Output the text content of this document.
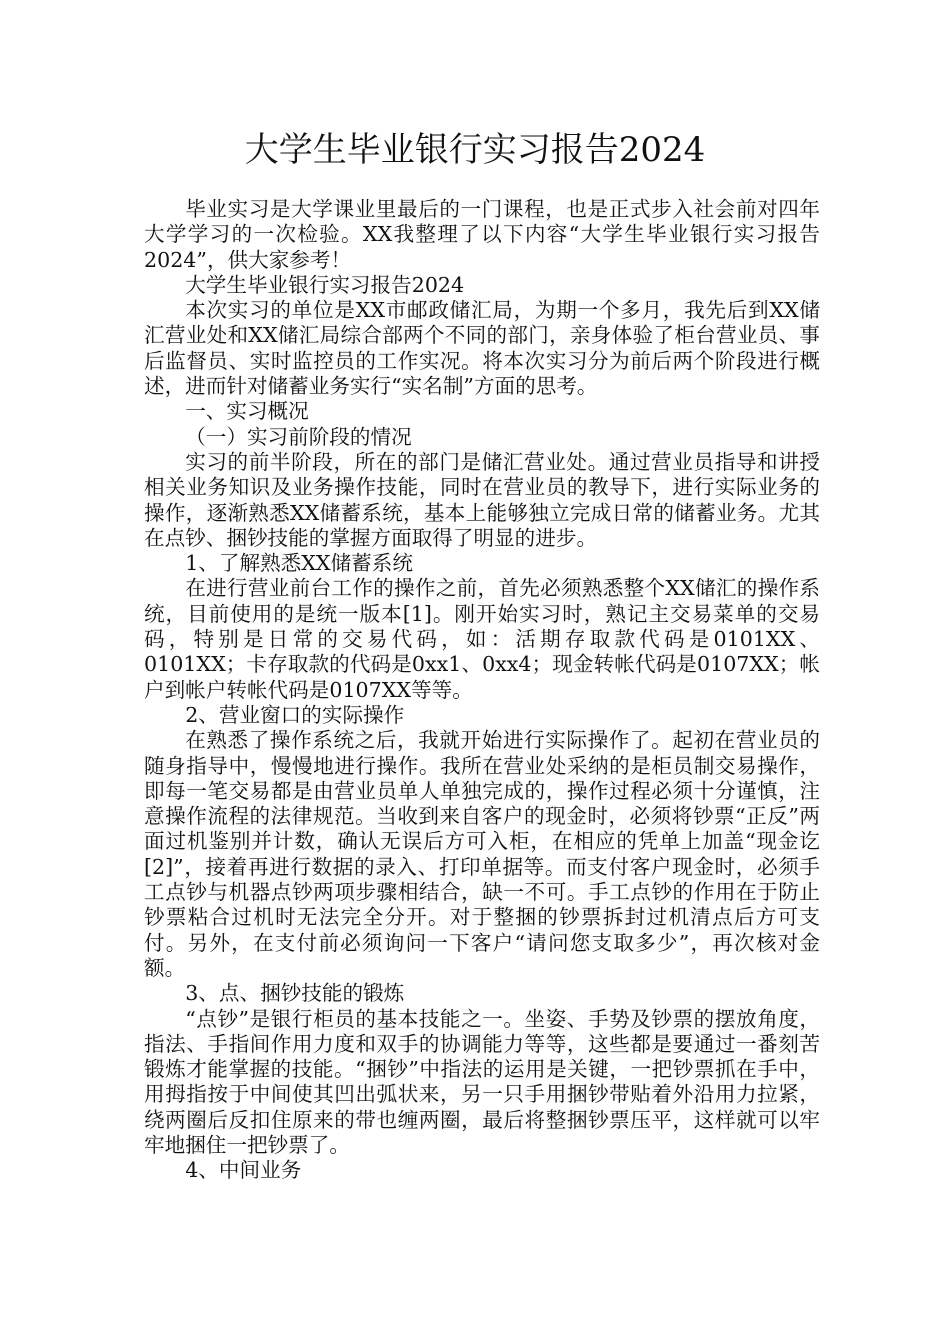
大学生毕业银行实习报告2024

毕业实习是大学课业里最后的一门课程，也是正式步入社会前对四年大学学习的一次检验。XX我整理了以下内容“大学生毕业银行实习报告2024”，供大家参考！

大学生毕业银行实习报告2024

本次实习的单位是XX市邮政储汇局，为期一个多月，我先后到XX储汇营业处和XX储汇局综合部两个不同的部门，亲身体验了柜台营业员、事后监督员、实时监控员的工作实况。将本次实习分为前后两个阶段进行概述，进而针对储蓄业务实行“实名制”方面的思考。

一、实习概况

（一）实习前阶段的情况

实习的前半阶段，所在的部门是储汇营业处。通过营业员指导和讲授相关业务知识及业务操作技能，同时在营业员的教导下，进行实际业务的操作，逐渐熟悉XX储蓄系统，基本上能够独立完成日常的储蓄业务。尤其在点钞、捆钞技能的掌握方面取得了明显的进步。

1、了解熟悉XX储蓄系统

在进行营业前台工作的操作之前，首先必须熟悉整个XX储汇的操作系统，目前使用的是统一版本[1]。刚开始实习时，熟记主交易菜单的交易码，特别是日常的交易代码，如：活期存取款代码是0101XX、0101XX；卡存取款的代码是0xx1、0xx4；现金转帐代码是0107XX；帐户到帐户转帐代码是0107XX等等。

2、营业窗口的实际操作

在熟悉了操作系统之后，我就开始进行实际操作了。起初在营业员的随身指导中，慢慢地进行操作。我所在营业处采纳的是柜员制交易操作，即每一笔交易都是由营业员单人单独完成的，操作过程必须十分谨慎，注意操作流程的法律规范。当收到来自客户的现金时，必须将钞票“正反”两面过机鉴别并计数，确认无误后方可入柜，在相应的凭单上加盖“现金讫[2]”，接着再进行数据的录入、打印单据等。而支付客户现金时，必须手工点钞与机器点钞两项步骤相结合，缺一不可。手工点钞的作用在于防止钞票粘合过机时无法完全分开。对于整捆的钞票拆封过机清点后方可支付。另外，在支付前必须询问一下客户“请问您支取多少”，再次核对金额。

3、点、捆钞技能的锻炼

“点钞”是银行柜员的基本技能之一。坐姿、手势及钞票的摆放角度，指法、手指间作用力度和双手的协调能力等等，这些都是要通过一番刻苦锻炼才能掌握的技能。“捆钞”中指法的运用是关键，一把钞票抓在手中，用拇指按于中间使其凹出弧状来，另一只手用捆钞带贴着外沿用力拉紧，绕两圈后反扣住原来的带也缠两圈，最后将整捆钞票压平，这样就可以牢牢地捆住一把钞票了。

4、中间业务
